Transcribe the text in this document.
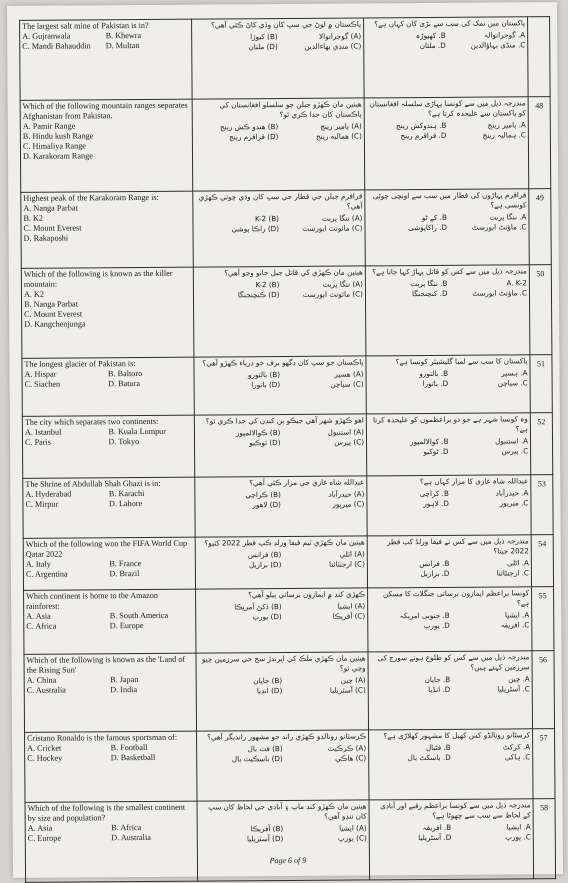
The largest salt mine of Pakistan is in?
A. Gujranwala B. Khewra
C. Mandi Bahauddin D. Multan	پاڪستان ۾ لوڻ جي سڀ کان وڏي کاڻ ڪٿي آهي؟
(A) گوجرانوالا
(B) کيوڙا
(C) منڊي بهاءالدين
(D) ملتان	پاکستان میں نمک کی سب سے بڑی کان کہاں ہے؟
A. گوجرانوالہ
B. کھیوڑہ
C. منڈی بہاؤالدین
D. ملتان	

Which of the following mountain ranges separates Afghanistan from Pakistan.
A. Pamir Range
B. Hindu kush Range
C. Himaliya Range
D. Karakoram Range	هيٺين مان ڪهڙو جبلن جو سلسلو افغانستان کي پاڪستان کان جدا ڪري ٿو؟
(A) پامير رينج
(B) هندو ڪش رينج
(C) هماليه رينج
(D) قراقرم رينج	مندرجہ ذیل میں سے کونسا پہاڑی سلسلہ افغانستان کو پاکستان سے علیحدہ کرتا ہے؟
A. پامیر رینج
B. ہندوکش رینج
C. ہمالیہ رینج
D. قراقرم رینج	48

Highest peak of the Karakoram Range is:
A. Nanga Parbat
B. K2
C. Mount Everest
D. Rakaposhi	قراقرم جبلن جي قطار جي سڀ کان وڌي چوٽي ڪهڙي آهي؟
(A) ننگا پربت
(B) K-2
(C) مائونٽ ايورسٽ
(D) راڪا پوشي	قراقرم پہاڑوں کی قطار میں سب سے اونچی چوٹی کونسی ہے؟
A. ننگا پربت
B. کے ٹو
C. ماؤنٹ ایورسٹ
D. راکاپوشی	49

Which of the following is known as the killer mountain:
A. K2
B. Nanga Parbat
C. Mount Everest
D. Kangchenjunga	هيٺين مان ڪهڙي کي قاتل جبل جانو وڃو آهي؟
(A) ننگا پربت
(B) K-2
(C) مائونٽ ايورسٽ
(D) ڪنچنجنگا	مندرجہ ذیل میں سے کس کو قاتل پہاڑ کہا جاتا ہے؟
A. K-2
B. ننگا پربت
C. ماؤنٹ ایورسٹ
D. کنچنجنگا	50

The longest glacier of Pakistan is:
A. Hispar B. Baltoro
C. Siachen D. Batura	پاڪستان جو سڀ کان ڊگهو برف جو درياء ڪهڙو آهي؟
(A) هسپر
(B) بالتورو
(C) سياچن
(D) باتورا	پاکستان کا سب سے لمبا گلیشیئر کونسا ہے؟
A. ہسپر
B. بالتورو
C. سیاچن
D. باتورا	51

The city which separates two continents:
A. Istanbul B. Kuala Lumpur
C. Paris D. Tokyo	اهو ڪهڙو شهر آهي جيڪو ٻن کنڊن کي جدا ڪري ٿو؟
(A) استنبول
(B) ڪوالالمپور
(C) پيرس
(D) ٽوڪيو	وہ کونسا شہر ہے جو دو براعظموں کو علیحدہ کرتا ہے؟
A. استنبول
B. کوالالمپور
C. پیرس
D. ٹوکیو	52

The Shrine of Abdullah Shah Ghazi is in:
A. Hyderabad B. Karachi
C. Mirpur D. Lahore	عبدالله شاه غازي جي مزار ڪٿي آهي؟
(A) حيدرآباد
(B) ڪراچي
(C) ميرپور
(D) لاهور	عبداللہ شاہ غازی کا مزار کہاں ہے؟
A. حیدرآباد
B. کراچی
C. میرپور
D. لاہور	53

Which of the following won the FIFA World Cup Qatar 2022
A. Italy B. France
C. Argentina D. Brazil	هيٺين مان ڪهڙي ٽيم فيفا ورلڊ ڪپ قطر 2022 کٽيو؟
(A) اٽلي
(B) فرانس
(C) ارجنٽائنا
(D) برازيل	مندرجہ ذیل میں سے کس نے فیفا ورلڈ کپ قطر 2022 جیتا؟
A. اٹلی
B. فرانس
C. ارجنٹائنا
D. برازیل	54

Which continent is home to the Amazon rainforest:
A. Asia B. South America
C. Africa D. Europe	ڪهڙي کنڊ ۾ ايمازون برساتي ٻيلو آهي؟
(A) ايشيا
(B) ڏکڻ آمريڪا
(C) آفريڪا
(D) يورپ	کونسا براعظم ایمازون برساتی جنگلات کا مسکن ہے؟
A. ایشیا
B. جنوبی امریکہ
C. افریقہ
D. یورپ	55

Which of the following is known as the 'Land of the Rising Sun'
A. China B. Japan
C. Australia D. India	هيٺين مان ڪهڙي ملڪ کي اڀرندڙ سج جي سرزمين چيو وڃي ٿو؟
(A) چين
(B) جاپان
(C) آسٽريليا
(D) انڊيا	مندرجہ ذیل میں سے کس کو طلوع ہوتے سورج کی سرزمین کہتے ہیں؟
A. چین
B. جاپان
C. آسٹریلیا
D. انڈیا	56

Cristano Ronaldo is the famous sportsman of:
A. Cricket B. Football
C. Hockey D. Basketball	ڪرسٽانو رونالڊو ڪهڙي راند جو مشهور رانديگر آهي؟
(A) ڪرڪيٽ
(B) فٽ بال
(C) هاڪي
(D) باسڪيٽ بال	کرسٹانو رونالڈو کس کھیل کا مشہور کھلاڑی ہے؟
A. کرکٹ
B. فٹبال
C. ہاکی
D. باسکٹ بال	57

Which of the following is the smallest continent by size and population?
A. Asia B. Africa
C. Europe D. Australia	هيٺين مان ڪهڙو کنڊ ماپ ۽ آبادي جي لحاظ کان سڀ کان ننڍو آهي؟
(A) ايشيا
(B) آفريڪا
(C) يورپ
(D) آسٽريليا	مندرجہ ذیل میں سے کونسا براعظم رقبے اور آبادی کے لحاظ سے سب سے چھوٹا ہے؟
A. ایشیا
B. افریقہ
C. یورپ
D. آسٹریلیا	58
Page 6 of 9
